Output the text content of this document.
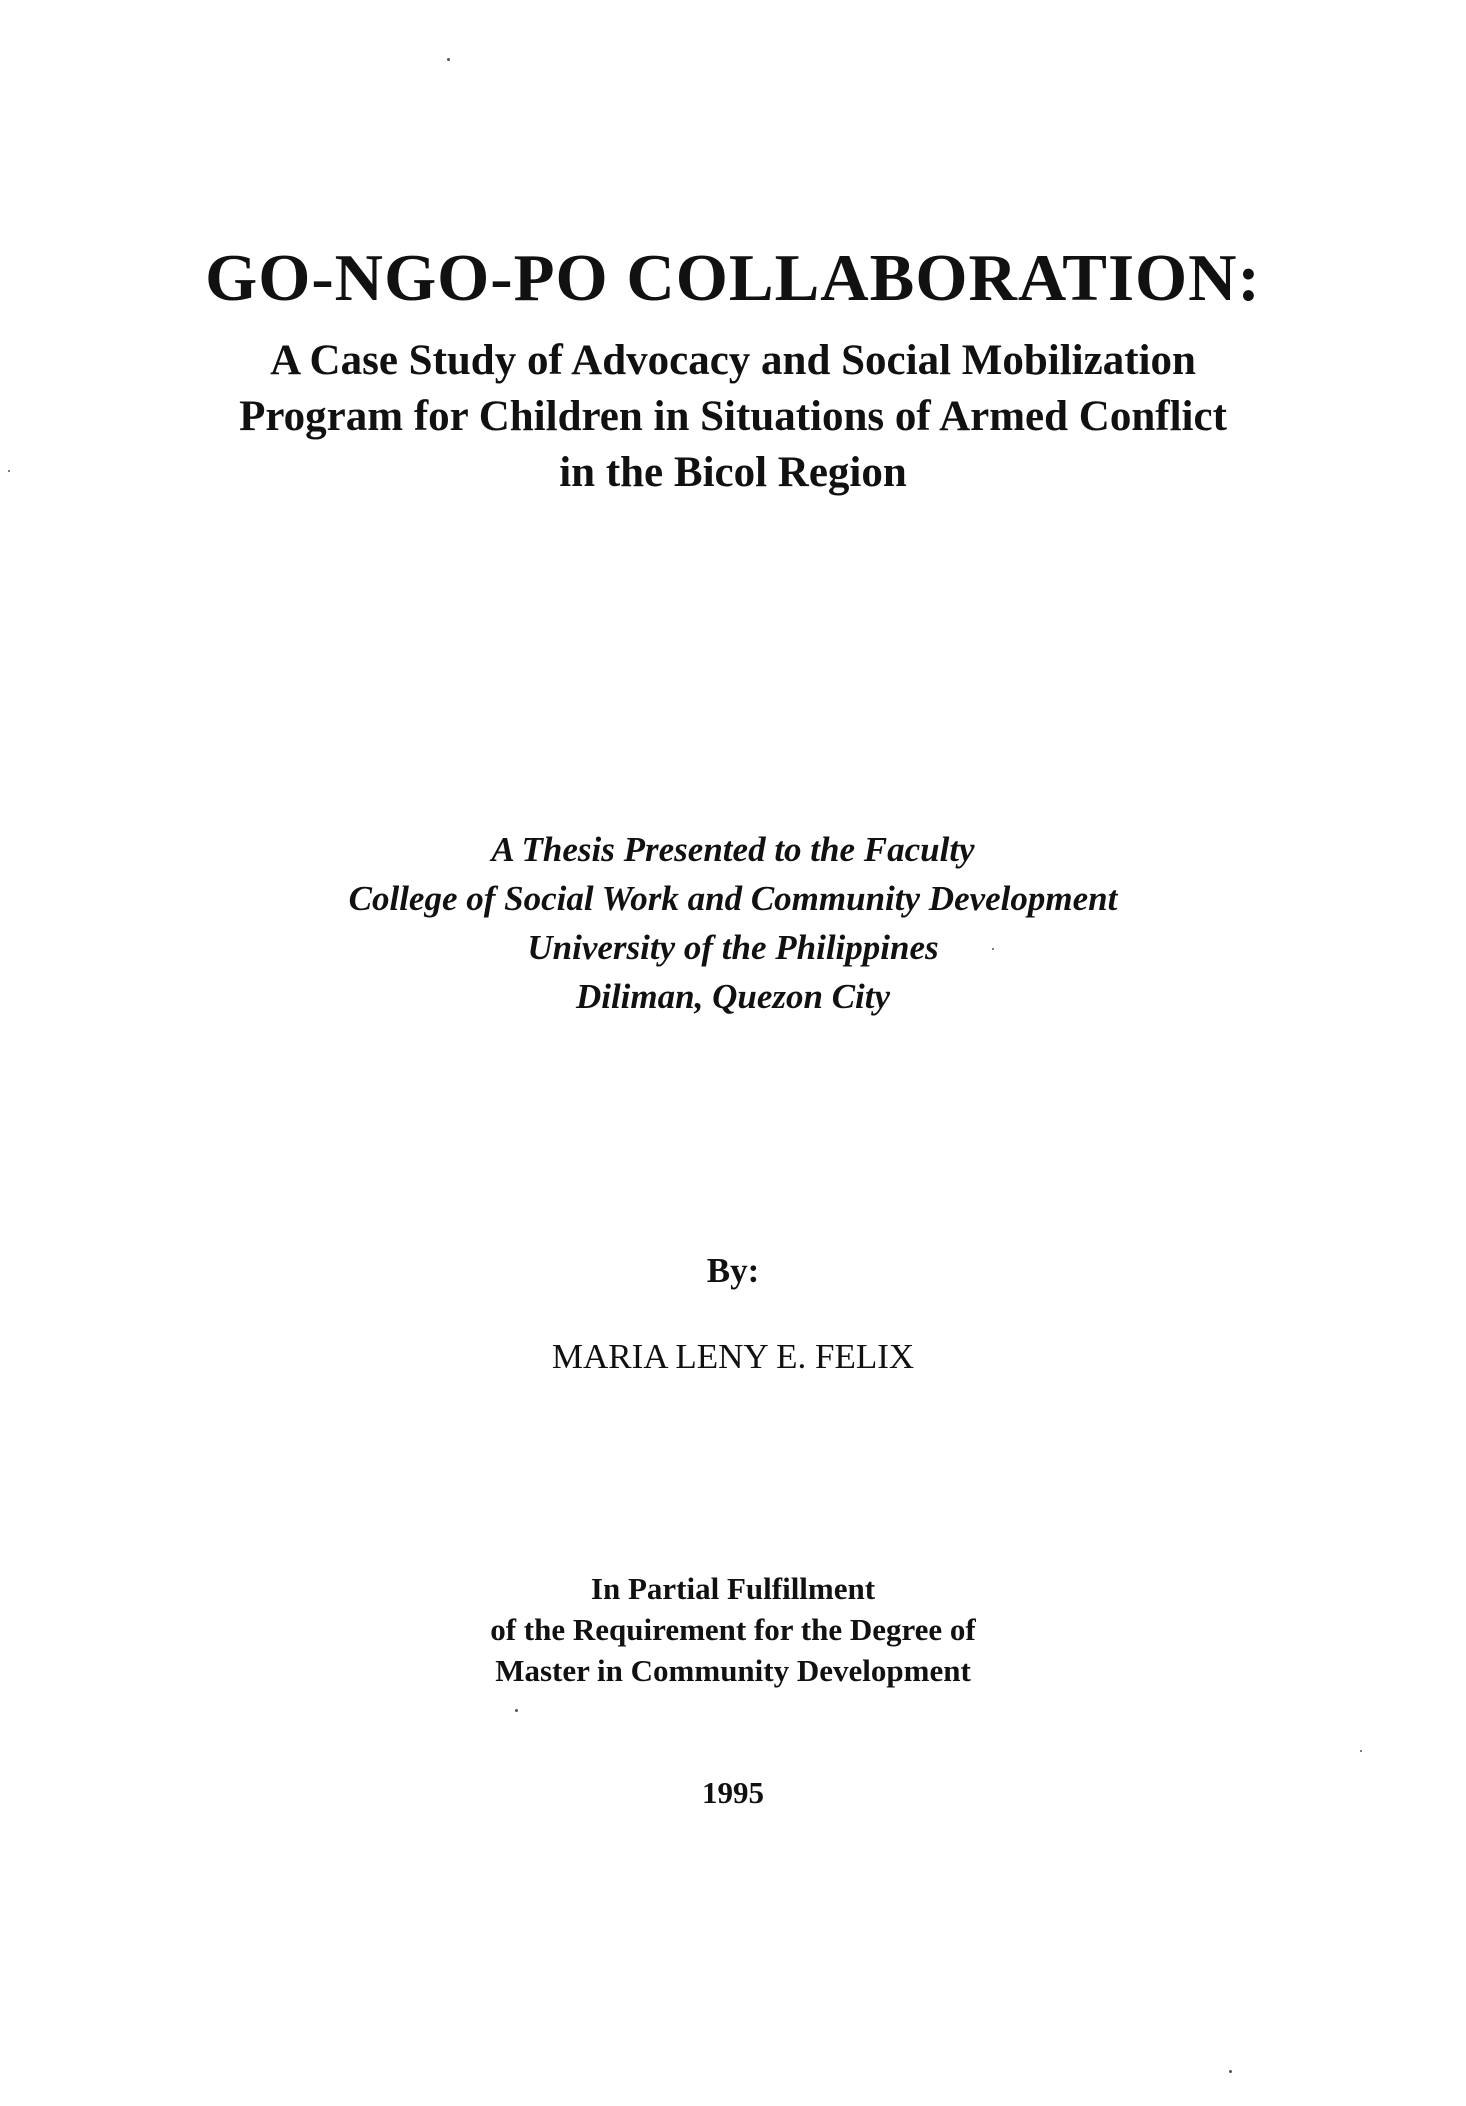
GO-NGO-PO COLLABORATION:
A Case Study of Advocacy and Social Mobilization
Program for Children in Situations of Armed Conflict
in the Bicol Region
A Thesis Presented to the Faculty
College of Social Work and Community Development
University of the Philippines
Diliman, Quezon City
By:
MARIA LENY E. FELIX
In Partial Fulfillment
of the Requirement for the Degree of
Master in Community Development
1995
